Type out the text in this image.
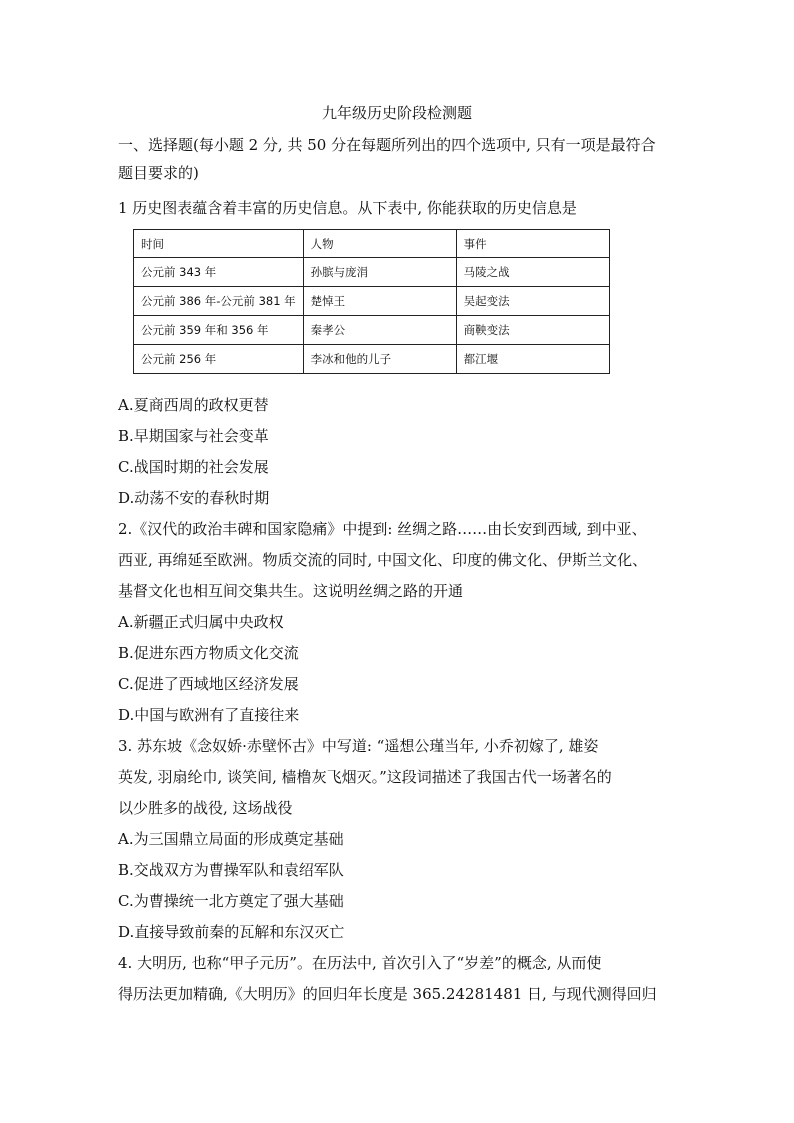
九年级历史阶段检测题
一、选择题(每小题 2 分, 共 50 分在每题所列出的四个选项中, 只有一项是最符合
题目要求的)
1 历史图表蕴含着丰富的历史信息。从下表中, 你能获取的历史信息是
时间	人物	事件
公元前 343 年	孙膑与庞涓	马陵之战
公元前 386 年-公元前 381 年	楚悼王	吴起变法
公元前 359 年和 356 年	秦孝公	商鞅变法
公元前 256 年	李冰和他的儿子	都江堰
A.夏商西周的政权更替
B.早期国家与社会变革
C.战国时期的社会发展
D.动荡不安的春秋时期
2.《汉代的政治丰碑和国家隐痛》中提到: 丝绸之路……由长安到西域, 到中亚、
西亚, 再绵延至欧洲。物质交流的同时, 中国文化、印度的佛文化、伊斯兰文化、
基督文化也相互间交集共生。这说明丝绸之路的开通
A.新疆正式归属中央政权
B.促进东西方物质文化交流
C.促进了西域地区经济发展
D.中国与欧洲有了直接往来
3. 苏东坡《念奴娇·赤壁怀古》中写道: “遥想公瑾当年, 小乔初嫁了, 雄姿
英发, 羽扇纶巾, 谈笑间, 樯橹灰飞烟灭。”这段词描述了我国古代一场著名的
以少胜多的战役, 这场战役
A.为三国鼎立局面的形成奠定基础
B.交战双方为曹操军队和袁绍军队
C.为曹操统一北方奠定了强大基础
D.直接导致前秦的瓦解和东汉灭亡
4. 大明历, 也称“甲子元历”。在历法中, 首次引入了“岁差”的概念, 从而使
得历法更加精确,《大明历》的回归年长度是 365.24281481 日, 与现代测得回归
